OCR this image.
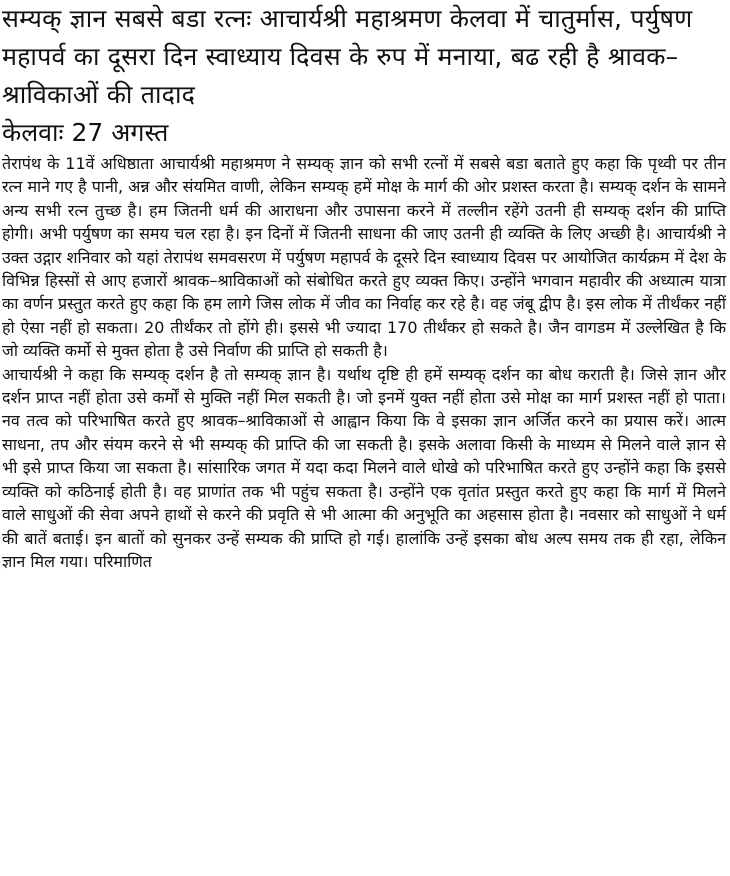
सम्यक् ज्ञान सबसे बडा रत्नः आचार्यश्री महाश्रमण केलवा में चातुर्मास, पर्युषण महापर्व का दूसरा दिन स्वाध्याय दिवस के रुप में मनाया, बढ रही है श्रावक–श्राविकाओं की तादाद
केलवाः 27 अगस्त

तेरापंथ के 11वें अधिष्ठाता आचार्यश्री महाश्रमण ने सम्यक् ज्ञान को सभी रत्नों में सबसे बडा बताते हुए कहा कि पृथ्वी पर तीन रत्न माने गए है पानी, अन्न और संयमित वाणी, लेकिन सम्यक् हमें मोक्ष के मार्ग की ओर प्रशस्त करता है। सम्यक् दर्शन के सामने अन्य सभी रत्न तुच्छ है। हम जितनी धर्म की आराधना और उपासना करने में तल्लीन रहेंगे उतनी ही सम्यक् दर्शन की प्राप्ति होगी। अभी पर्युषण का समय चल रहा है। इन दिनों में जितनी साधना की जाए उतनी ही व्यक्ति के लिए अच्छी है। आचार्यश्री ने उक्त उद्गार शनिवार को यहां तेरापंथ समवसरण में पर्युषण महापर्व के दूसरे दिन स्वाध्याय दिवस पर आयोजित कार्यक्रम में देश के विभिन्न हिस्सों से आए हजारों श्रावक–श्राविकाओं को संबोधित करते हुए व्यक्त किए। उन्होंने भगवान महावीर की अध्यात्म यात्रा का वर्णन प्रस्तुत करते हुए कहा कि हम लागे जिस लोक में जीव का निर्वाह कर रहे है। वह जंबू द्वीप है। इस लोक में तीर्थंकर नहीं हो ऐसा नहीं हो सकता। 20 तीर्थंकर तो होंगे ही। इससे भी ज्यादा 170 तीर्थंकर हो सकते है। जैन वागडम में उल्लेखित है कि जो व्यक्ति कर्मो से मुक्त होता है उसे निर्वाण की प्राप्ति हो सकती है।

आचार्यश्री ने कहा कि सम्यक् दर्शन है तो सम्यक् ज्ञान है। यर्थाथ दृष्टि ही हमें सम्यक् दर्शन का बोध कराती है। जिसे ज्ञान और दर्शन प्राप्त नहीं होता उसे कर्मों से मुक्ति नहीं मिल सकती है। जो इनमें युक्त नहीं होता उसे मोक्ष का मार्ग प्रशस्त नहीं हो पाता। नव तत्व को परिभाषित करते हुए श्रावक–श्राविकाओं से आह्वान किया कि वे इसका ज्ञान अर्जित करने का प्रयास करें। आत्म साधना, तप और संयम करने से भी सम्यक् की प्राप्ति की जा सकती है। इसके अलावा किसी के माध्यम से मिलने वाले ज्ञान से भी इसे प्राप्त किया जा सकता है। सांसारिक जगत में यदा कदा मिलने वाले धोखे को परिभाषित करते हुए उन्होंने कहा कि इससे व्यक्ति को कठिनाई होती है। वह प्राणांत तक भी पहुंच सकता है। उन्होंने एक वृतांत प्रस्तुत करते हुए कहा कि मार्ग में मिलने वाले साधुओं की सेवा अपने हाथों से करने की प्रवृति से भी आत्मा की अनुभूति का अहसास होता है। नवसार को साधुओं ने धर्म की बातें बताई। इन बातों को सुनकर उन्हें सम्यक की प्राप्ति हो गई। हालांकि उन्हें इसका बोध अल्प समय तक ही रहा, लेकिन ज्ञान मिल गया। परिमाणित
